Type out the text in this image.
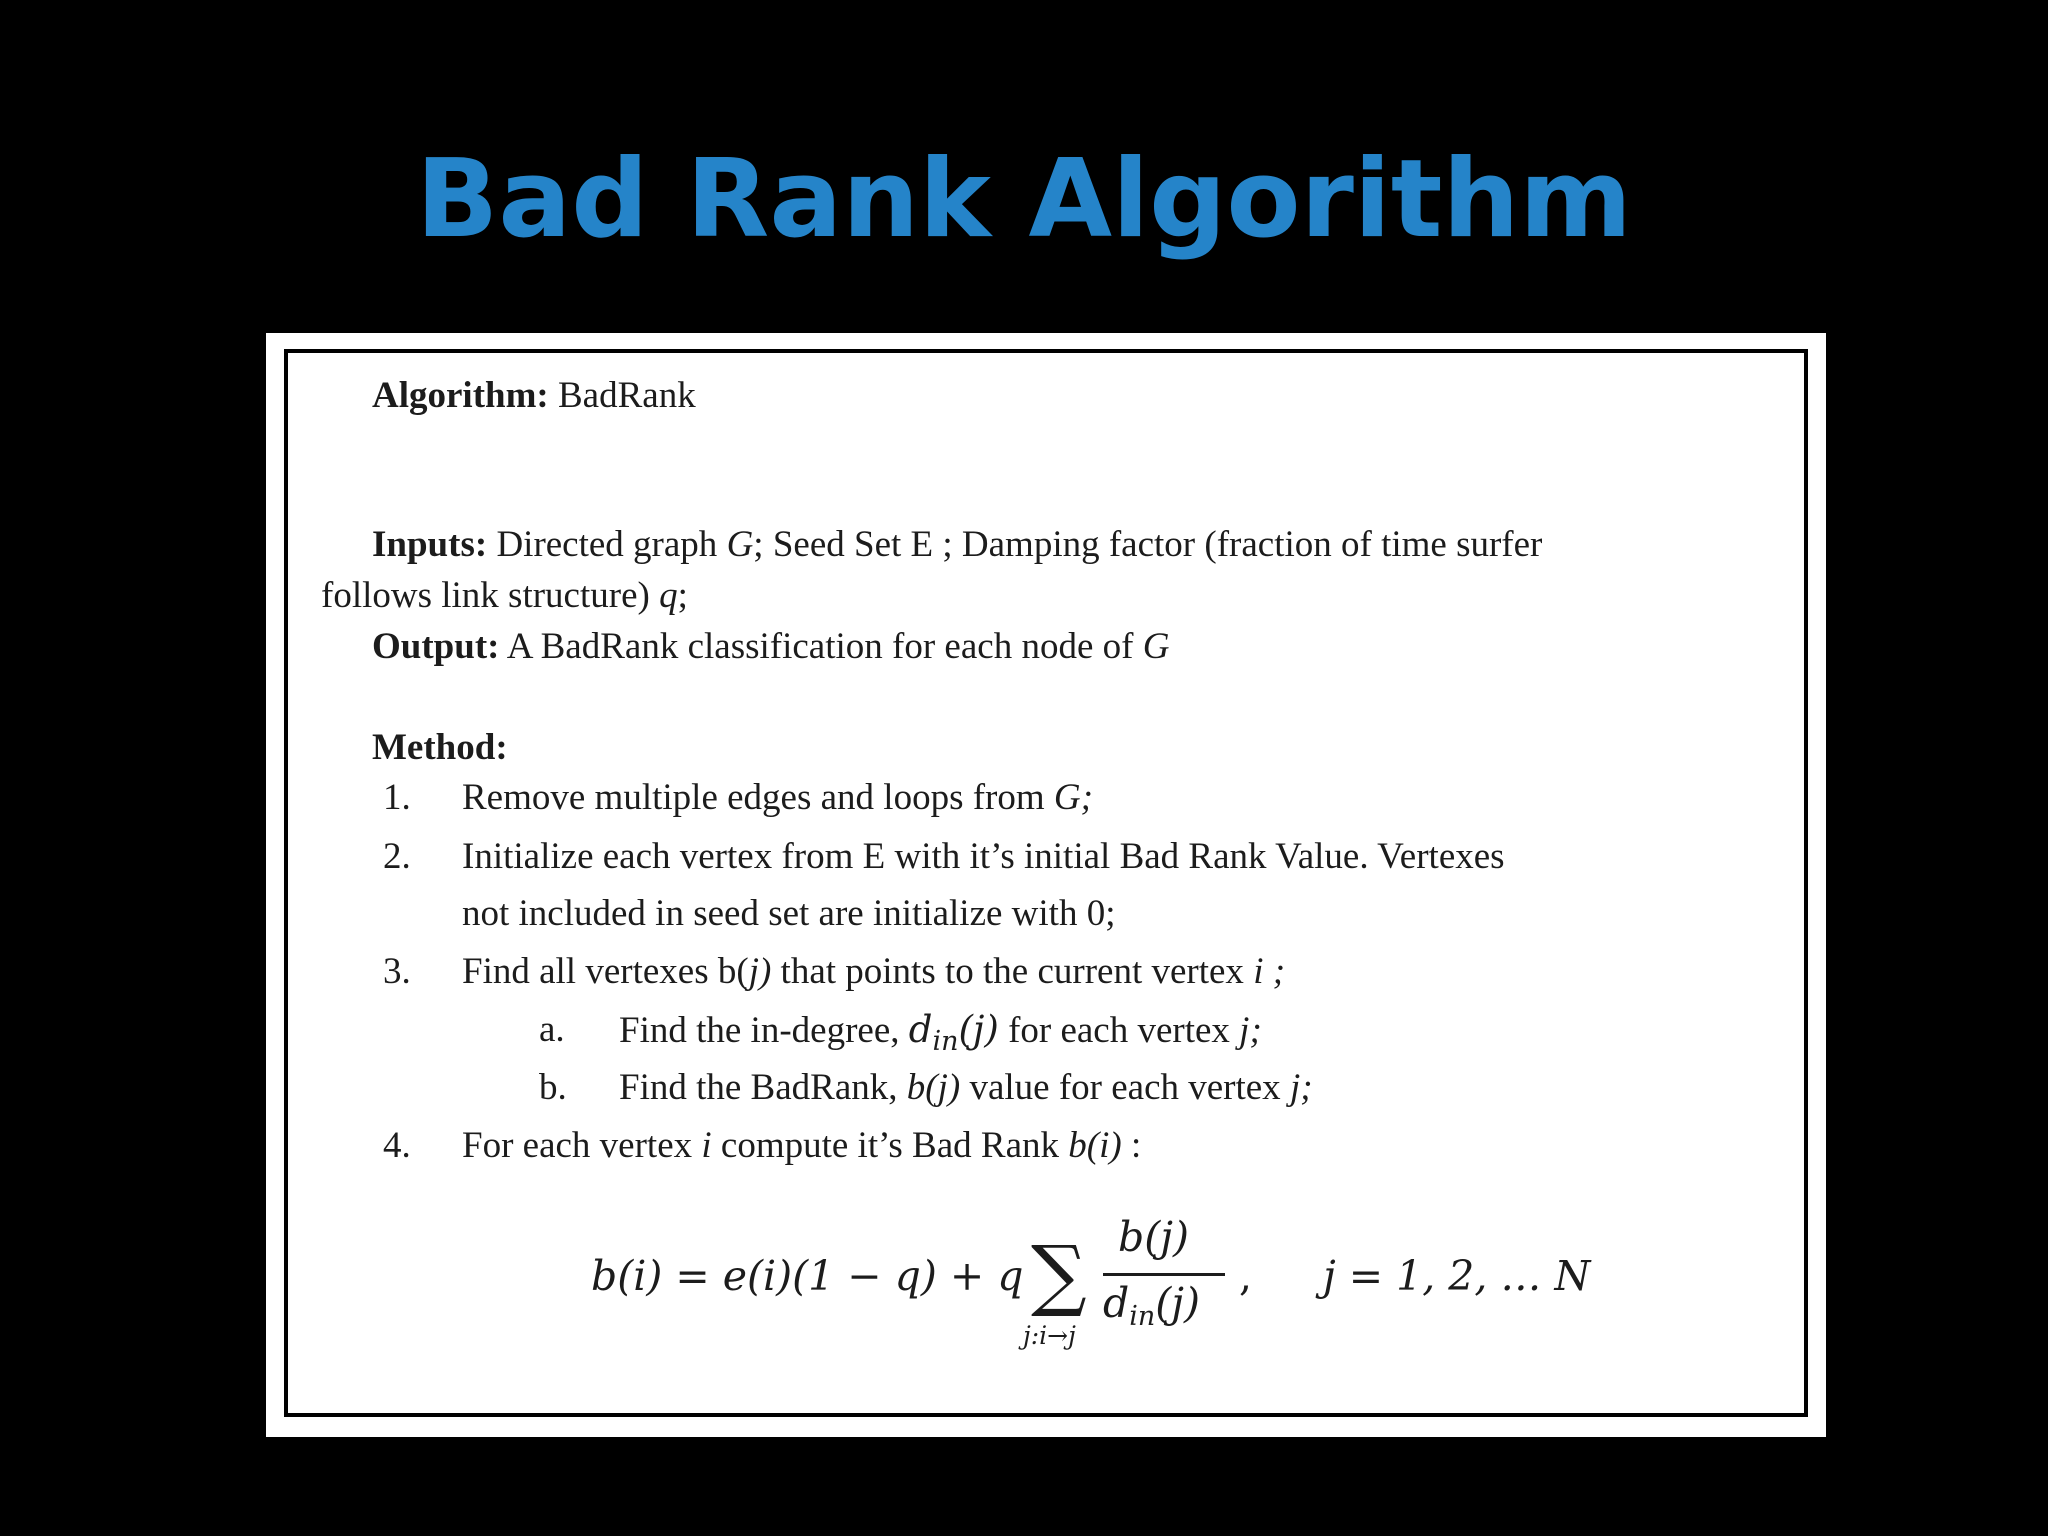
Bad Rank Algorithm
Algorithm: BadRank
Inputs: Directed graph G; Seed Set E ; Damping factor (fraction of time surfer
follows link structure) q;
Output: A BadRank classification for each node of G
Method:
1. Remove multiple edges and loops from G;
2. Initialize each vertex from E with it’s initial Bad Rank Value. Vertexes
not included in seed set are initialize with 0;
3. Find all vertexes b(j) that points to the current vertex i ;
a. Find the in-degree, $d_{in}(j)$ for each vertex j;
b. Find the BadRank, b(j) value for each vertex j;
4. For each vertex i compute it’s Bad Rank b(i) :
b(i) = e(i)(1 − q) + q ∑
j:i→j
b(j)
$d_{in}(j)$
, j = 1, 2, … N
